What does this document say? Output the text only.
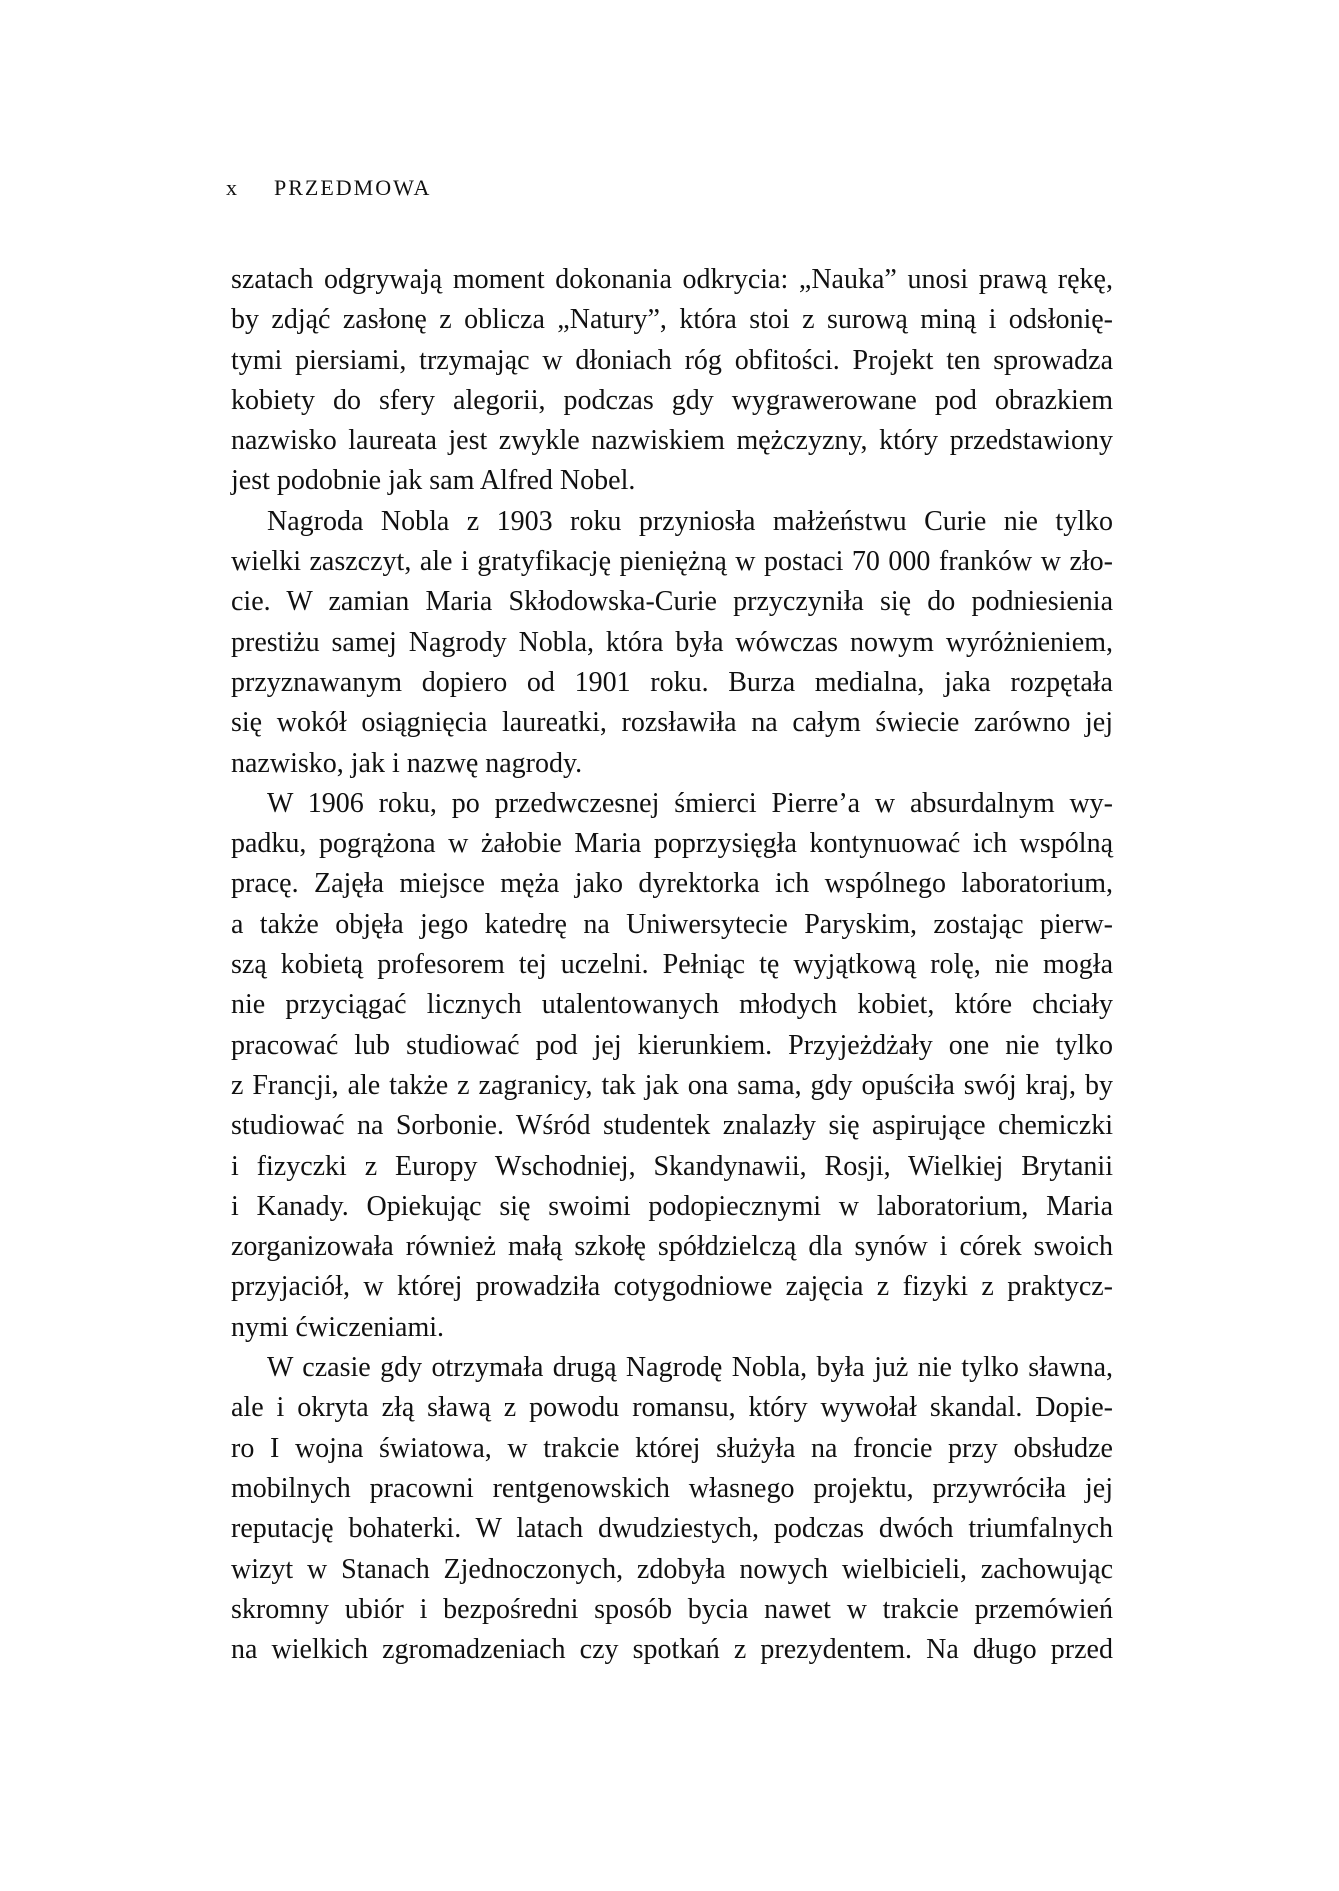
x PRZEDMOWA
szatach odgrywają moment dokonania odkrycia: „Nauka” unosi prawą rękę,
by zdjąć zasłonę z oblicza „Natury”, która stoi z surową miną i odsłonię-
tymi piersiami, trzymając w dłoniach róg obfitości. Projekt ten sprowadza
kobiety do sfery alegorii, podczas gdy wygrawerowane pod obrazkiem
nazwisko laureata jest zwykle nazwiskiem mężczyzny, który przedstawiony
jest podobnie jak sam Alfred Nobel.
Nagroda Nobla z 1903 roku przyniosła małżeństwu Curie nie tylko
wielki zaszczyt, ale i gratyfikację pieniężną w postaci 70 000 franków w zło-
cie. W zamian Maria Skłodowska-Curie przyczyniła się do podniesienia
prestiżu samej Nagrody Nobla, która była wówczas nowym wyróżnieniem,
przyznawanym dopiero od 1901 roku. Burza medialna, jaka rozpętała
się wokół osiągnięcia laureatki, rozsławiła na całym świecie zarówno jej
nazwisko, jak i nazwę nagrody.
W 1906 roku, po przedwczesnej śmierci Pierre’a w absurdalnym wy-
padku, pogrążona w żałobie Maria poprzysięgła kontynuować ich wspólną
pracę. Zajęła miejsce męża jako dyrektorka ich wspólnego laboratorium,
a także objęła jego katedrę na Uniwersytecie Paryskim, zostając pierw-
szą kobietą profesorem tej uczelni. Pełniąc tę wyjątkową rolę, nie mogła
nie przyciągać licznych utalentowanych młodych kobiet, które chciały
pracować lub studiować pod jej kierunkiem. Przyjeżdżały one nie tylko
z Francji, ale także z zagranicy, tak jak ona sama, gdy opuściła swój kraj, by
studiować na Sorbonie. Wśród studentek znalazły się aspirujące chemiczki
i fizyczki z Europy Wschodniej, Skandynawii, Rosji, Wielkiej Brytanii
i Kanady. Opiekując się swoimi podopiecznymi w laboratorium, Maria
zorganizowała również małą szkołę spółdzielczą dla synów i córek swoich
przyjaciół, w której prowadziła cotygodniowe zajęcia z fizyki z praktycz-
nymi ćwiczeniami.
W czasie gdy otrzymała drugą Nagrodę Nobla, była już nie tylko sławna,
ale i okryta złą sławą z powodu romansu, który wywołał skandal. Dopie-
ro I wojna światowa, w trakcie której służyła na froncie przy obsłudze
mobilnych pracowni rentgenowskich własnego projektu, przywróciła jej
reputację bohaterki. W latach dwudziestych, podczas dwóch triumfalnych
wizyt w Stanach Zjednoczonych, zdobyła nowych wielbicieli, zachowując
skromny ubiór i bezpośredni sposób bycia nawet w trakcie przemówień
na wielkich zgromadzeniach czy spotkań z prezydentem. Na długo przed
